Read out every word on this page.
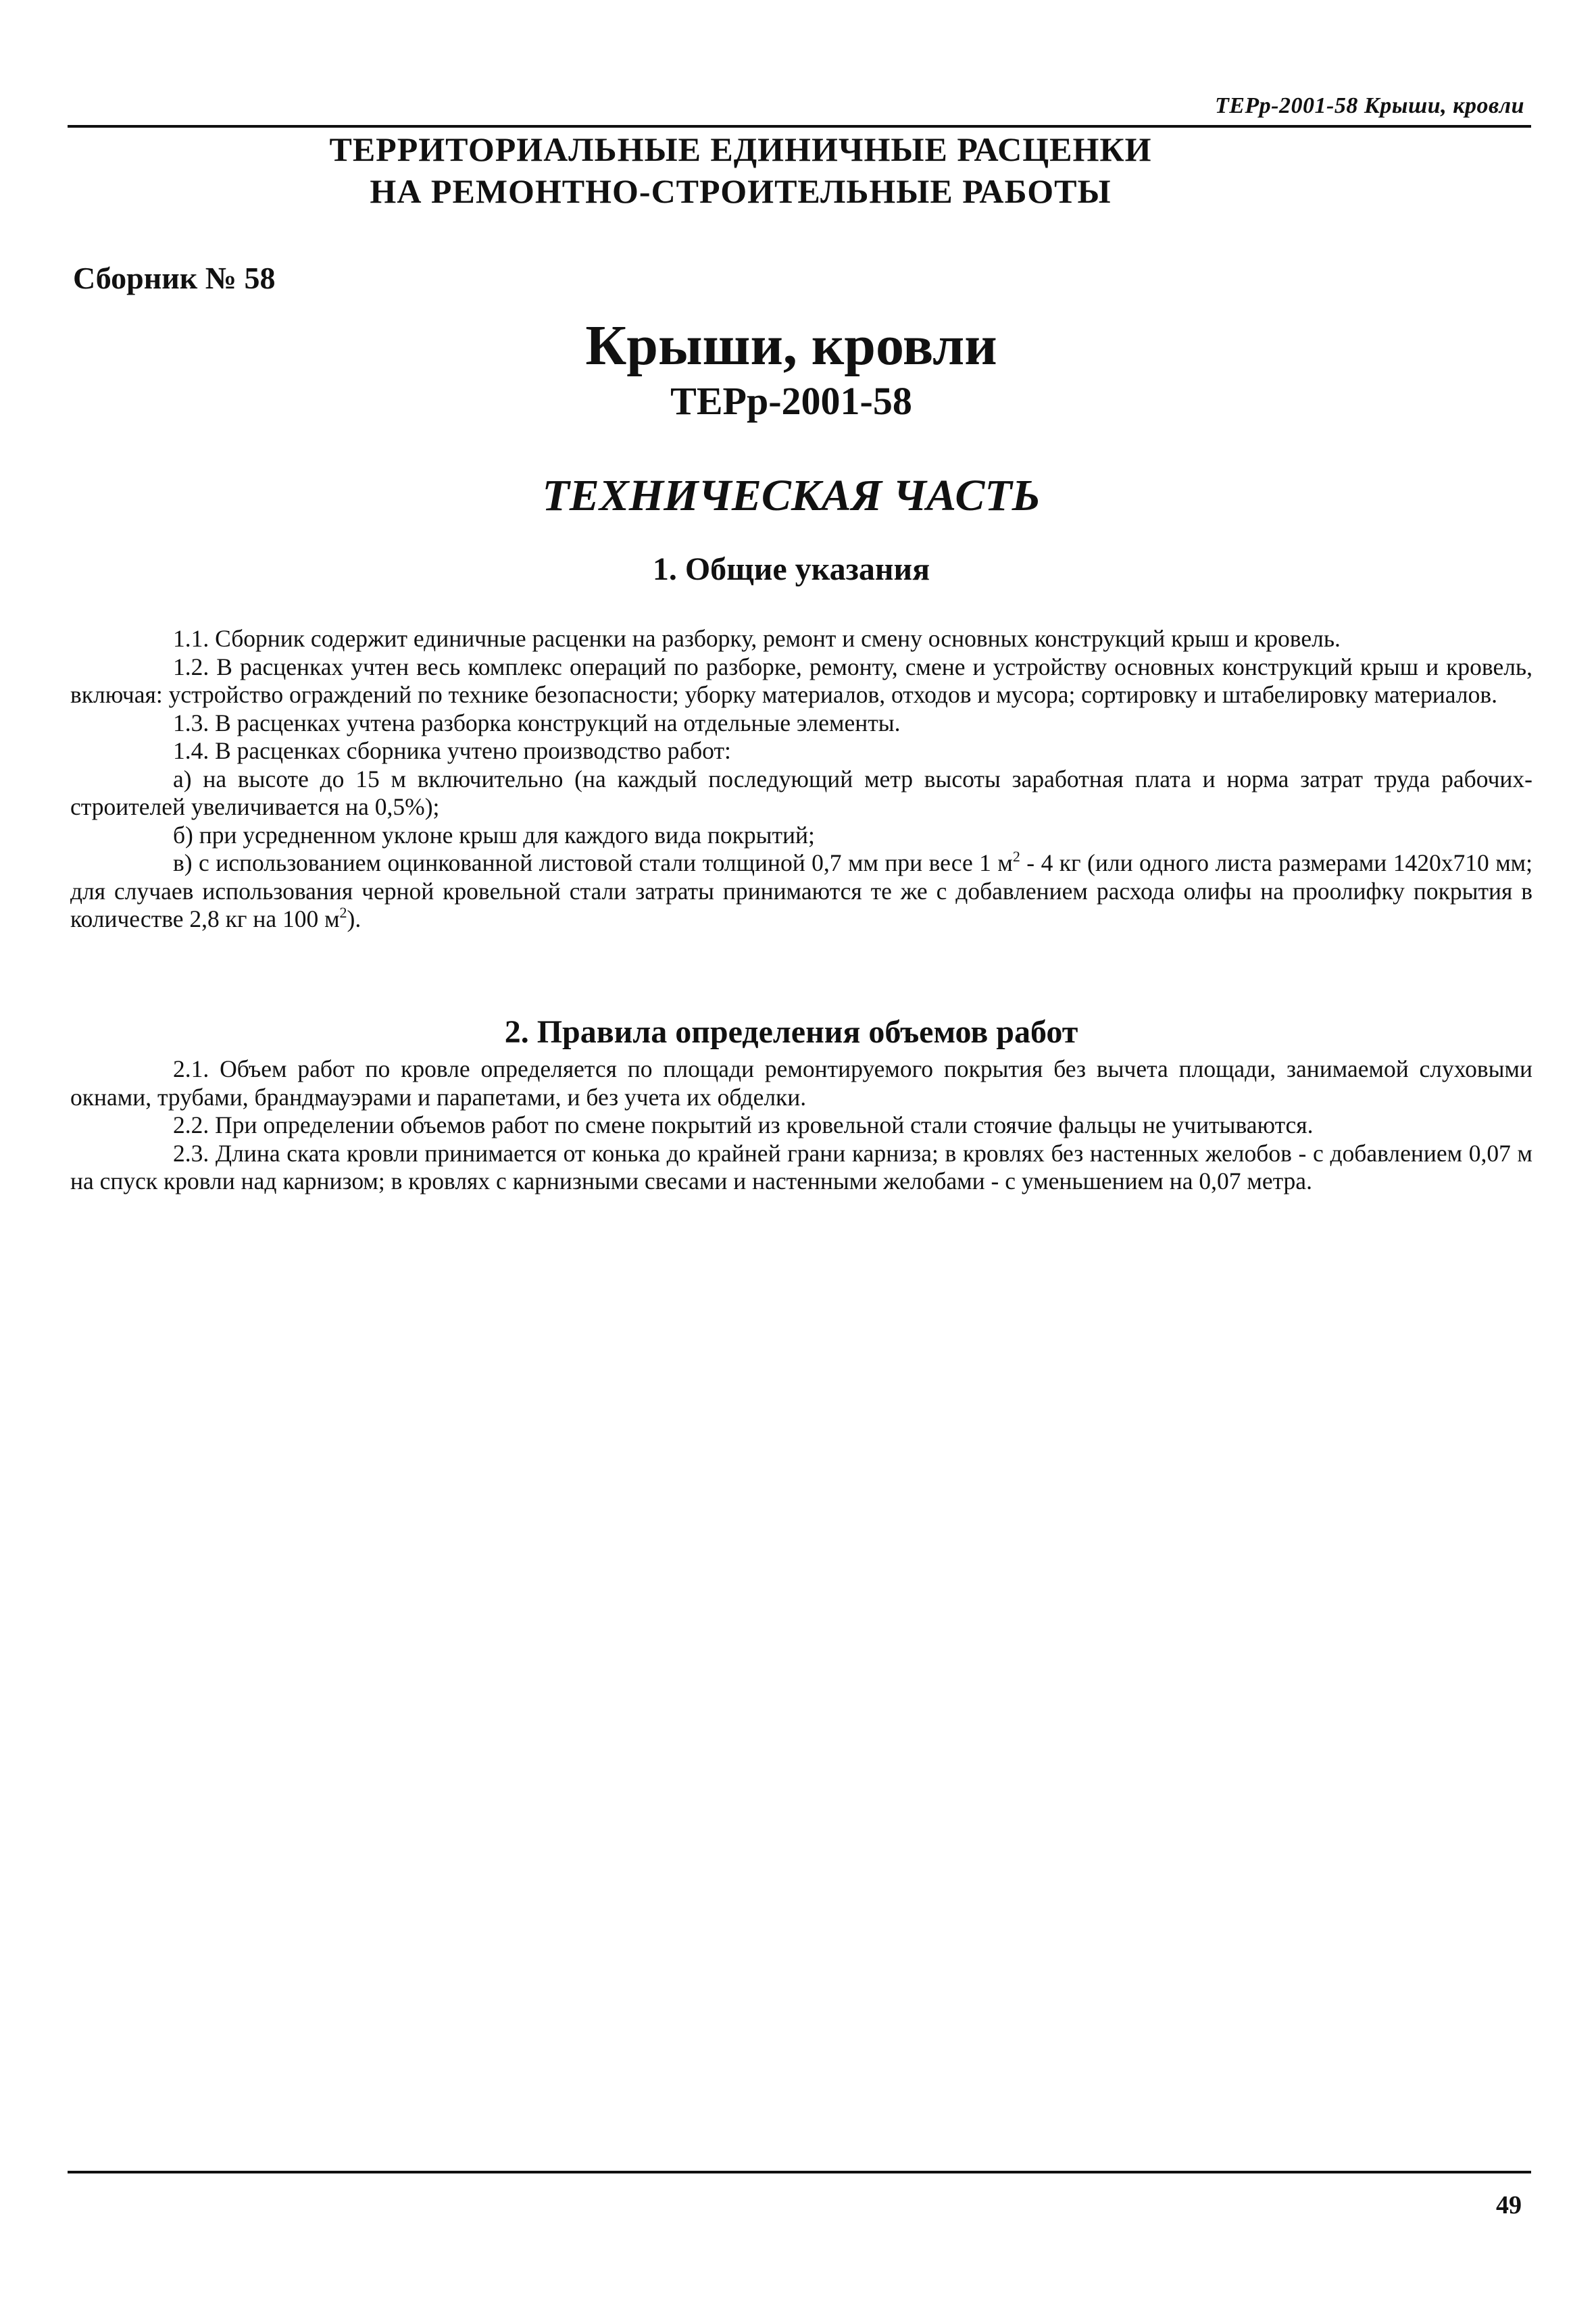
ТЕРр-2001-58 Крыши, кровли
ТЕРРИТОРИАЛЬНЫЕ ЕДИНИЧНЫЕ РАСЦЕНКИ
НА РЕМОНТНО-СТРОИТЕЛЬНЫЕ РАБОТЫ
Сборник № 58
Крыши, кровли
ТЕРр-2001-58
ТЕХНИЧЕСКАЯ ЧАСТЬ
1. Общие указания

1.1. Сборник содержит единичные расценки на разборку, ремонт и смену основных конструкций крыш и кровель.

1.2. В расценках учтен весь комплекс операций по разборке, ремонту, смене и устройству основных конструкций крыш и кровель, включая: устройство ограждений по технике безопасности; уборку материалов, отходов и мусора; сортировку и штабелировку материалов.

1.3. В расценках учтена разборка конструкций на отдельные элементы.

1.4. В расценках сборника учтено производство работ:

а) на высоте до 15 м включительно (на каждый последующий метр высоты заработная плата и норма затрат труда рабочих-строителей увеличивается на 0,5%);

б) при усредненном уклоне крыш для каждого вида покрытий;

в) с использованием оцинкованной листовой стали толщиной 0,7 мм при весе 1 $м^2 - 4$ кг (или одного листа размерами 1420х710 мм; для случаев использования черной кровельной стали затраты принимаются те же с добавлением расхода олифы на проолифку покрытия в количестве 2,8 кг на 100 $м^2$).

2. Правила определения объемов работ

2.1. Объем работ по кровле определяется по площади ремонтируемого покрытия без вычета площади, занимаемой слуховыми окнами, трубами, брандмауэрами и парапетами, и без учета их обделки.

2.2. При определении объемов работ по смене покрытий из кровельной стали стоячие фальцы не учитываются.

2.3. Длина ската кровли принимается от конька до крайней грани карниза; в кровлях без настенных желобов - с добавлением 0,07 м на спуск кровли над карнизом; в кровлях с карнизными свесами и настенными желобами - с уменьшением на 0,07 метра.

49
